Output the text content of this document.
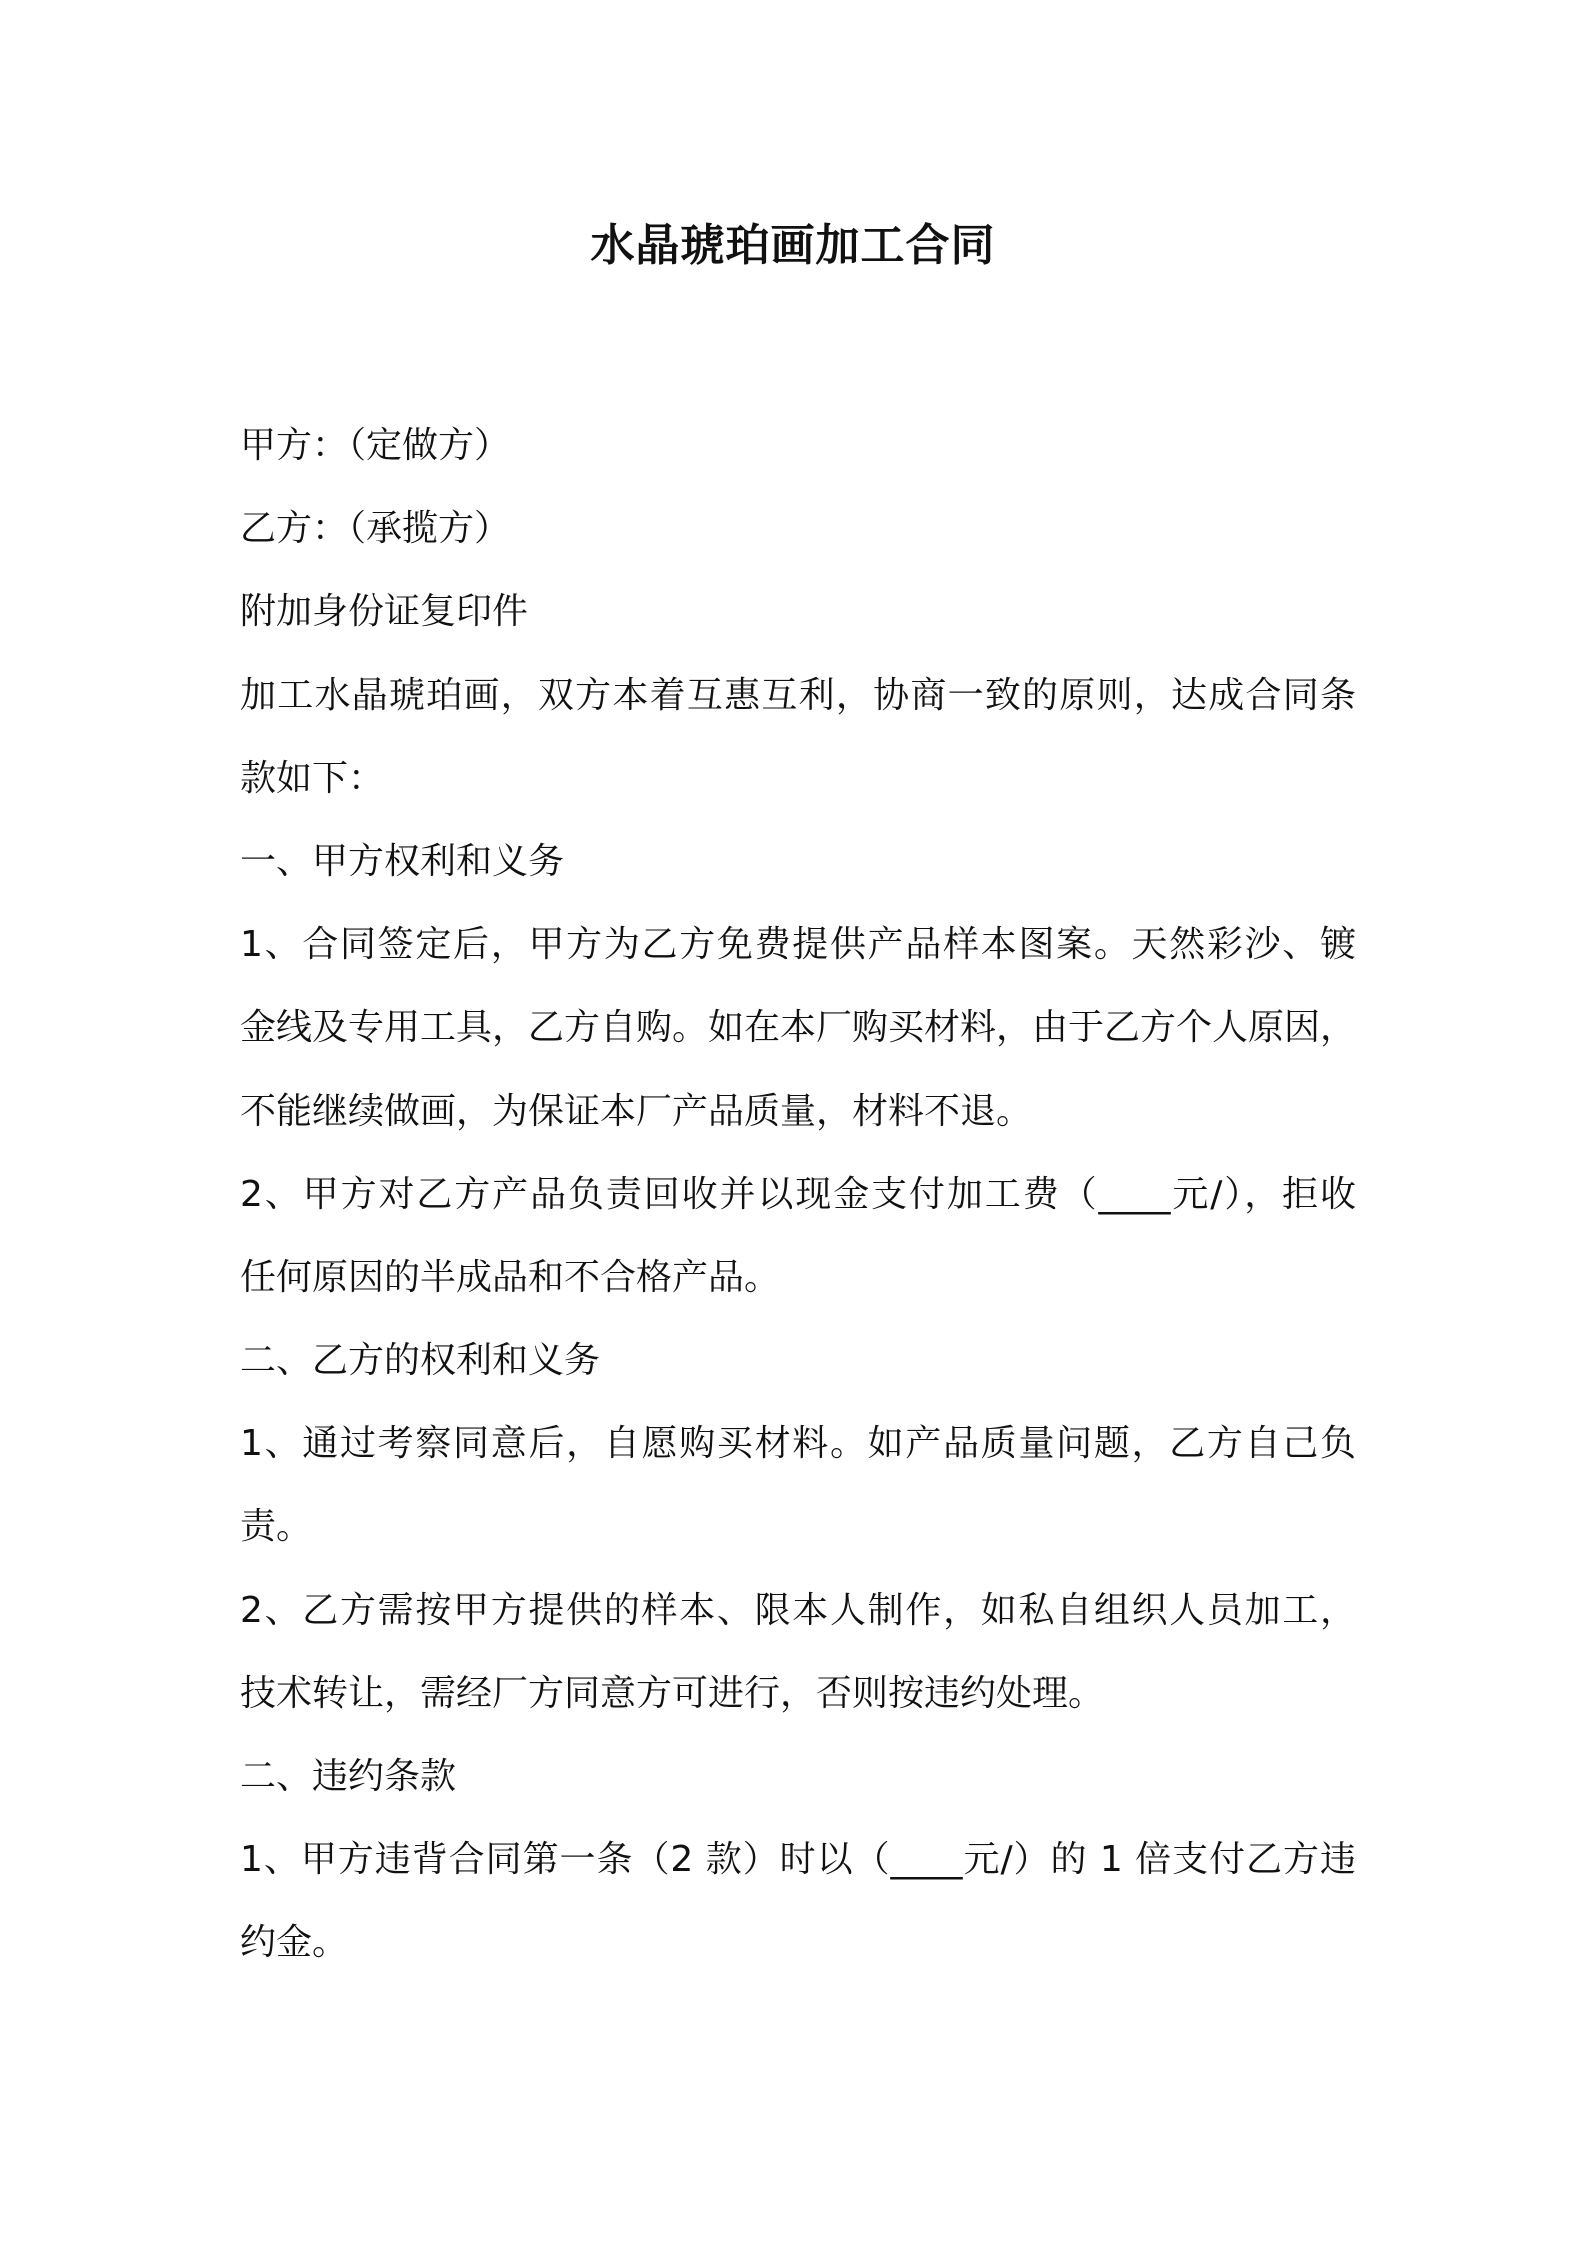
水晶琥珀画加工合同
甲方：（定做方）
乙方：（承揽方）
附加身份证复印件
加工水晶琥珀画，双方本着互惠互利，协商一致的原则，达成合同条
款如下：
一、甲方权利和义务
1、合同签定后，甲方为乙方免费提供产品样本图案。天然彩沙、镀
金线及专用工具，乙方自购。如在本厂购买材料，由于乙方个人原因，
不能继续做画，为保证本厂产品质量，材料不退。
2、甲方对乙方产品负责回收并以现金支付加工费（____元/），拒收
任何原因的半成品和不合格产品。
二、乙方的权利和义务
1、通过考察同意后，自愿购买材料。如产品质量问题，乙方自己负
责。
2、乙方需按甲方提供的样本、限本人制作，如私自组织人员加工，
技术转让，需经厂方同意方可进行，否则按违约处理。
二、违约条款
1、甲方违背合同第一条（2 款）时以（____元/）的 1 倍支付乙方违
约金。
